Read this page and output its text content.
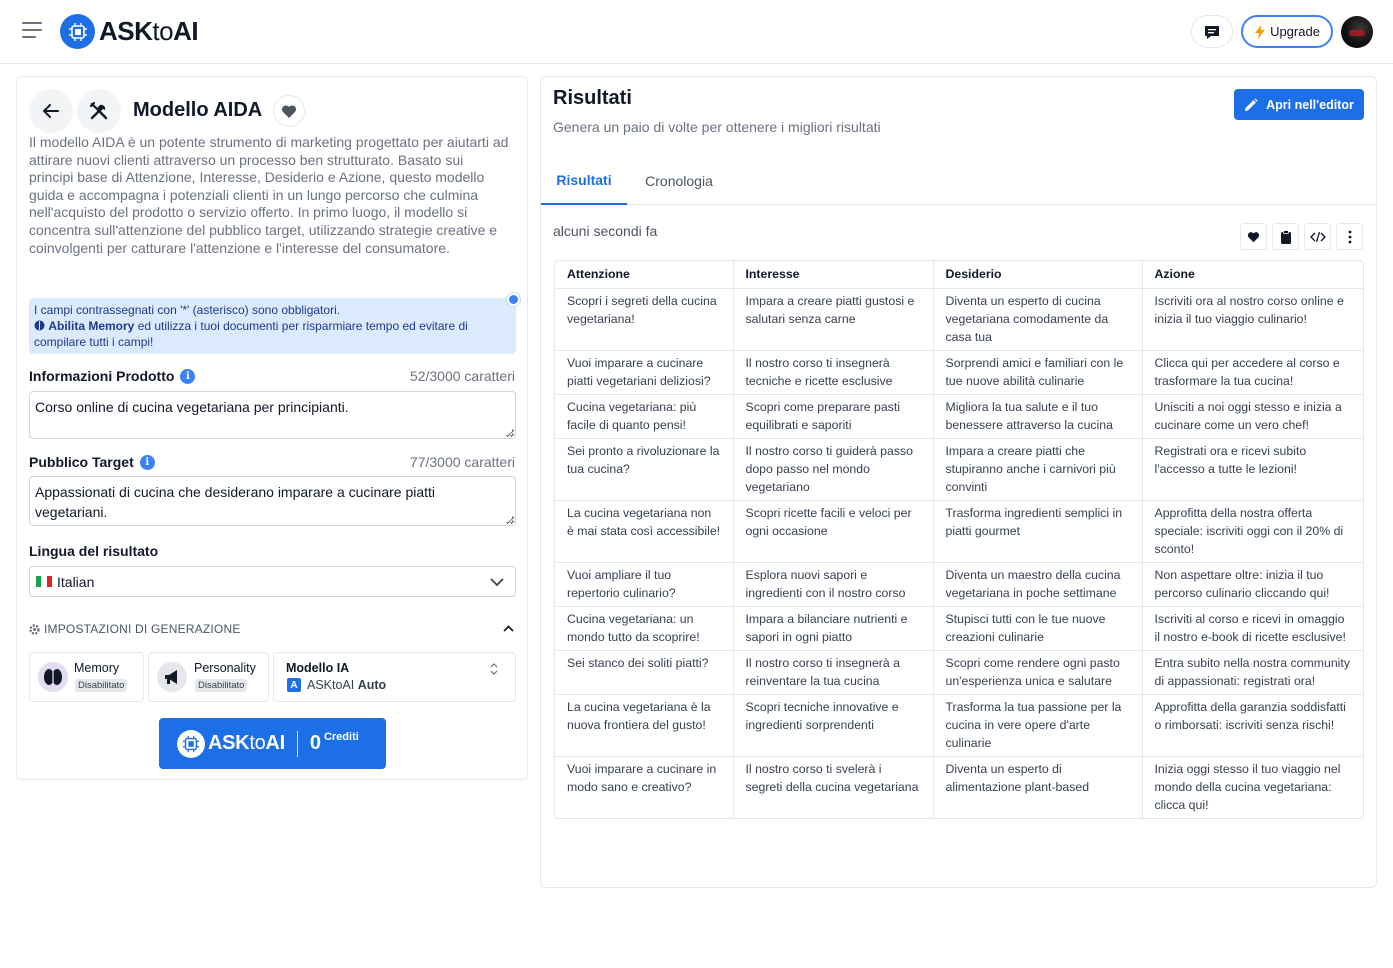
ASKtoAI	Upgrade
Modello AIDA
Il modello AIDA è un potente strumento di marketing progettato per aiutarti ad attirare nuovi clienti attraverso un processo ben strutturato. Basato sui principi base di Attenzione, Interesse, Desiderio e Azione, questo modello guida e accompagna i potenziali clienti in un lungo percorso che culmina nell'acquisto del prodotto o servizio offerto. In primo luogo, il modello si concentra sull'attenzione del pubblico target, utilizzando strategie creative e coinvolgenti per catturare l'attenzione e l'interesse del consumatore.
I campi contrassegnati con '*' (asterisco) sono obbligatori.
Abilita Memory ed utilizza i tuoi documenti per risparmiare tempo ed evitare di compilare tutti i campi!
Informazioni Prodotto	i	52/3000 caratteri
Corso online di cucina vegetariana per principianti.
Pubblico Target	i	77/3000 caratteri
Appassionati di cucina che desiderano imparare a cucinare piatti vegetariani.
Lingua del risultato
Italian
IMPOSTAZIONI DI GENERAZIONE
Memory
Disabilitato
Personality
Disabilitato
Modello IA
A ASKtoAI
Auto
ASKtoAI 0 Crediti
Risultati
Genera un paio di volte per ottenere i migliori risultati
Apri nell'editor
Risultati	Cronologia
alcuni secondi fa
Attenzione	Interesse	Desiderio	Azione
Scopri i segreti della cucina vegetariana!	Impara a creare piatti gustosi e salutari senza carne	Diventa un esperto di cucina vegetariana comodamente da casa tua	Iscriviti ora al nostro corso online e inizia il tuo viaggio culinario!
Vuoi imparare a cucinare piatti vegetariani deliziosi?	Il nostro corso ti insegnerà tecniche e ricette esclusive	Sorprendi amici e familiari con le tue nuove abilità culinarie	Clicca qui per accedere al corso e trasformare la tua cucina!
Cucina vegetariana: più facile di quanto pensi!	Scopri come preparare pasti equilibrati e saporiti	Migliora la tua salute e il tuo benessere attraverso la cucina	Unisciti a noi oggi stesso e inizia a cucinare come un vero chef!
Sei pronto a rivoluzionare la tua cucina?	Il nostro corso ti guiderà passo dopo passo nel mondo vegetariano	Impara a creare piatti che stupiranno anche i carnivori più convinti	Registrati ora e ricevi subito l'accesso a tutte le lezioni!
La cucina vegetariana non è mai stata così accessibile!	Scopri ricette facili e veloci per ogni occasione	Trasforma ingredienti semplici in piatti gourmet	Approfitta della nostra offerta speciale: iscriviti oggi con il 20% di sconto!
Vuoi ampliare il tuo repertorio culinario?	Esplora nuovi sapori e ingredienti con il nostro corso	Diventa un maestro della cucina vegetariana in poche settimane	Non aspettare oltre: inizia il tuo percorso culinario cliccando qui!
Cucina vegetariana: un mondo tutto da scoprire!	Impara a bilanciare nutrienti e sapori in ogni piatto	Stupisci tutti con le tue nuove creazioni culinarie	Iscriviti al corso e ricevi in omaggio il nostro e-book di ricette esclusive!
Sei stanco dei soliti piatti?	Il nostro corso ti insegnerà a reinventare la tua cucina	Scopri come rendere ogni pasto un'esperienza unica e salutare	Entra subito nella nostra community di appassionati: registrati ora!
La cucina vegetariana è la nuova frontiera del gusto!	Scopri tecniche innovative e ingredienti sorprendenti	Trasforma la tua passione per la cucina in vere opere d'arte culinarie	Approfitta della garanzia soddisfatti o rimborsati: iscriviti senza rischi!
Vuoi imparare a cucinare in modo sano e creativo?	Il nostro corso ti svelerà i segreti della cucina vegetariana	Diventa un esperto di alimentazione plant-based	Inizia oggi stesso il tuo viaggio nel mondo della cucina vegetariana: clicca qui!
